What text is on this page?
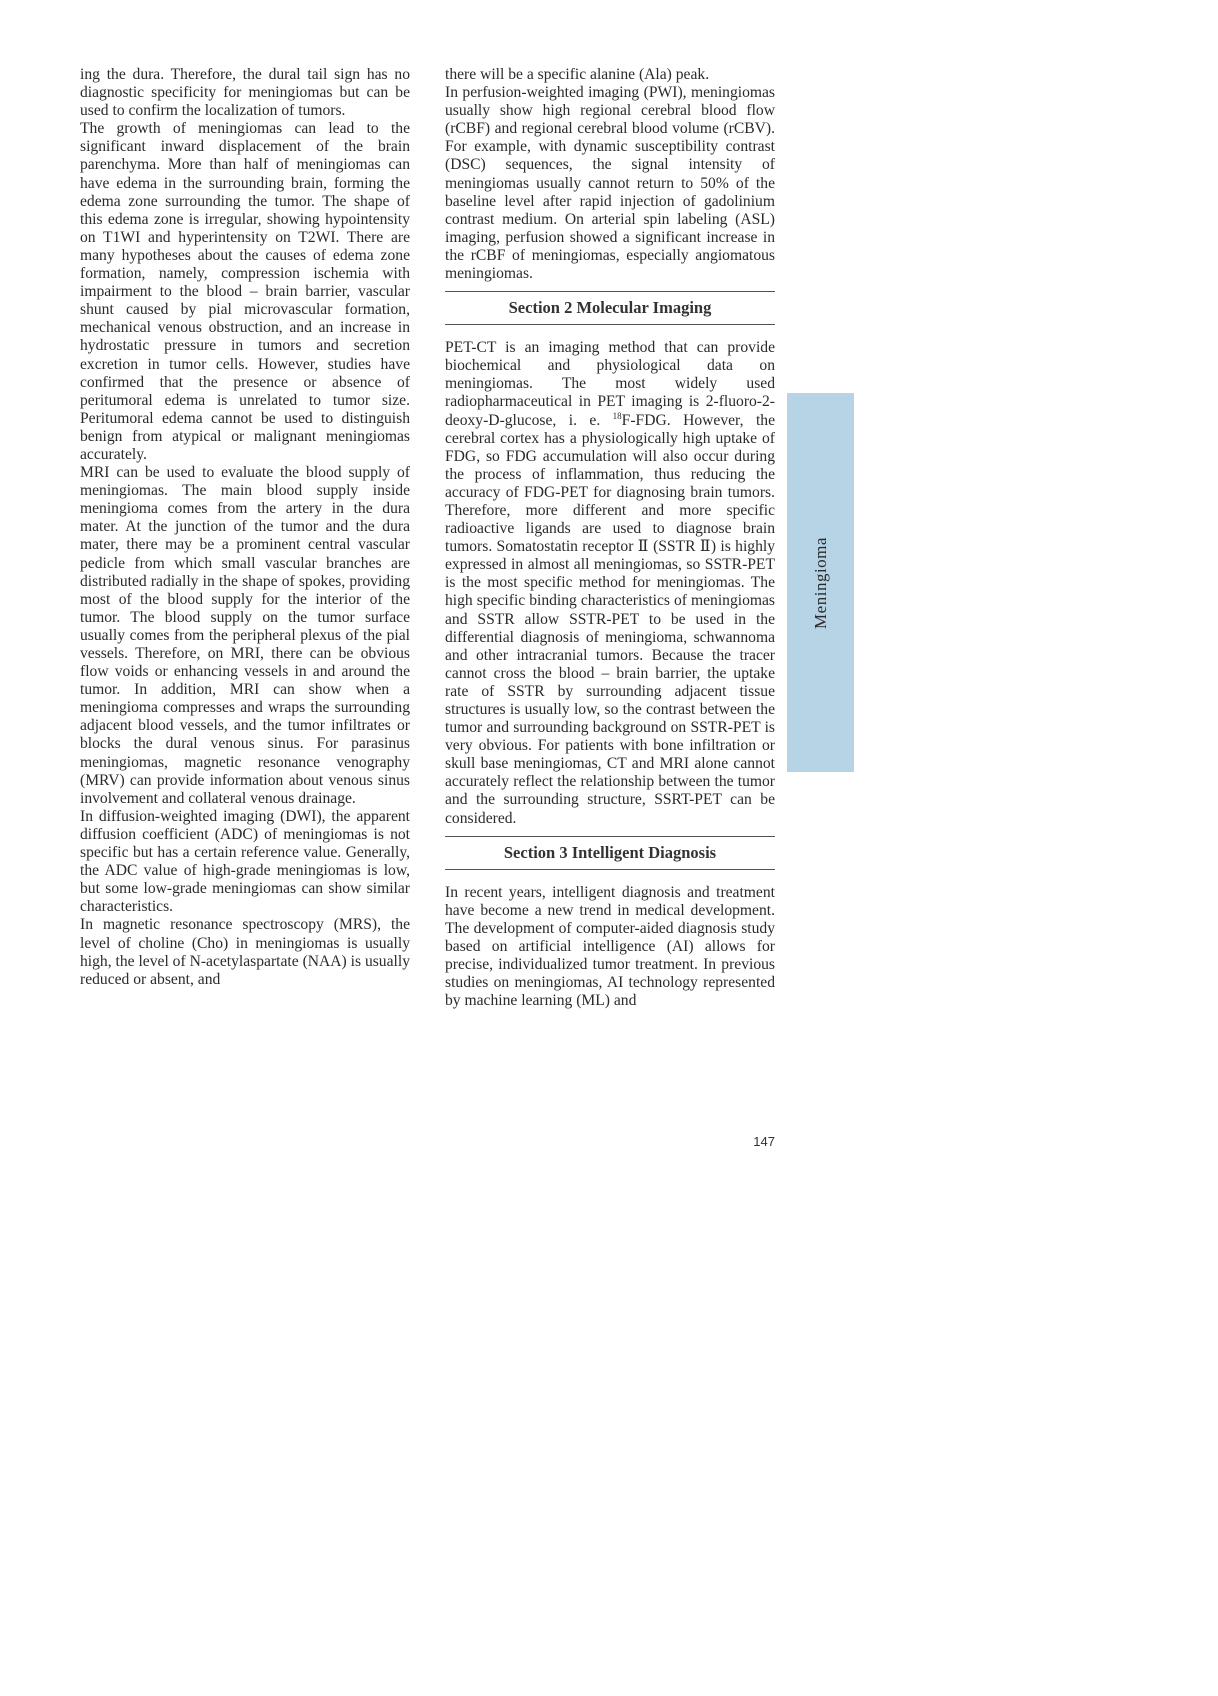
ing the dura. Therefore, the dural tail sign has no diagnostic specificity for meningiomas but can be used to confirm the localization of tumors.

The growth of meningiomas can lead to the significant inward displacement of the brain parenchyma. More than half of meningiomas can have edema in the surrounding brain, forming the edema zone surrounding the tumor. The shape of this edema zone is irregular, showing hypointensity on T1WI and hyperintensity on T2WI. There are many hypotheses about the causes of edema zone formation, namely, compression ischemia with impairment to the blood – brain barrier, vascular shunt caused by pial microvascular formation, mechanical venous obstruction, and an increase in hydrostatic pressure in tumors and secretion excretion in tumor cells. However, studies have confirmed that the presence or absence of peritumoral edema is unrelated to tumor size. Peritumoral edema cannot be used to distinguish benign from atypical or malignant meningiomas accurately.

MRI can be used to evaluate the blood supply of meningiomas. The main blood supply inside meningioma comes from the artery in the dura mater. At the junction of the tumor and the dura mater, there may be a prominent central vascular pedicle from which small vascular branches are distributed radially in the shape of spokes, providing most of the blood supply for the interior of the tumor. The blood supply on the tumor surface usually comes from the peripheral plexus of the pial vessels. Therefore, on MRI, there can be obvious flow voids or enhancing vessels in and around the tumor. In addition, MRI can show when a meningioma compresses and wraps the surrounding adjacent blood vessels, and the tumor infiltrates or blocks the dural venous sinus. For parasinus meningiomas, magnetic resonance venography (MRV) can provide information about venous sinus involvement and collateral venous drainage.

In diffusion-weighted imaging (DWI), the apparent diffusion coefficient (ADC) of meningiomas is not specific but has a certain reference value. Generally, the ADC value of high-grade meningiomas is low, but some low-grade meningiomas can show similar characteristics.

In magnetic resonance spectroscopy (MRS), the level of choline (Cho) in meningiomas is usually high, the level of N-acetylaspartate (NAA) is usually reduced or absent, and

there will be a specific alanine (Ala) peak.

In perfusion-weighted imaging (PWI), meningiomas usually show high regional cerebral blood flow (rCBF) and regional cerebral blood volume (rCBV). For example, with dynamic susceptibility contrast (DSC) sequences, the signal intensity of meningiomas usually cannot return to 50% of the baseline level after rapid injection of gadolinium contrast medium. On arterial spin labeling (ASL) imaging, perfusion showed a significant increase in the rCBF of meningiomas, especially angiomatous meningiomas.

Section 2 Molecular Imaging

PET-CT is an imaging method that can provide biochemical and physiological data on meningiomas. The most widely used radiopharmaceutical in PET imaging is 2-fluoro-2-deoxy-D-glucose, i. e. $^{18}$F-FDG. However, the cerebral cortex has a physiologically high uptake of FDG, so FDG accumulation will also occur during the process of inflammation, thus reducing the accuracy of FDG-PET for diagnosing brain tumors. Therefore, more different and more specific radioactive ligands are used to diagnose brain tumors. Somatostatin receptor Ⅱ (SSTR Ⅱ) is highly expressed in almost all meningiomas, so SSTR-PET is the most specific method for meningiomas. The high specific binding characteristics of meningiomas and SSTR allow SSTR-PET to be used in the differential diagnosis of meningioma, schwannoma and other intracranial tumors. Because the tracer cannot cross the blood – brain barrier, the uptake rate of SSTR by surrounding adjacent tissue structures is usually low, so the contrast between the tumor and surrounding background on SSTR-PET is very obvious. For patients with bone infiltration or skull base meningiomas, CT and MRI alone cannot accurately reflect the relationship between the tumor and the surrounding structure, SSRT-PET can be considered.

Section 3 Intelligent Diagnosis

In recent years, intelligent diagnosis and treatment have become a new trend in medical development. The development of computer-aided diagnosis study based on artificial intelligence (AI) allows for precise, individualized tumor treatment. In previous studies on meningiomas, AI technology represented by machine learning (ML) and

Meningioma
147
